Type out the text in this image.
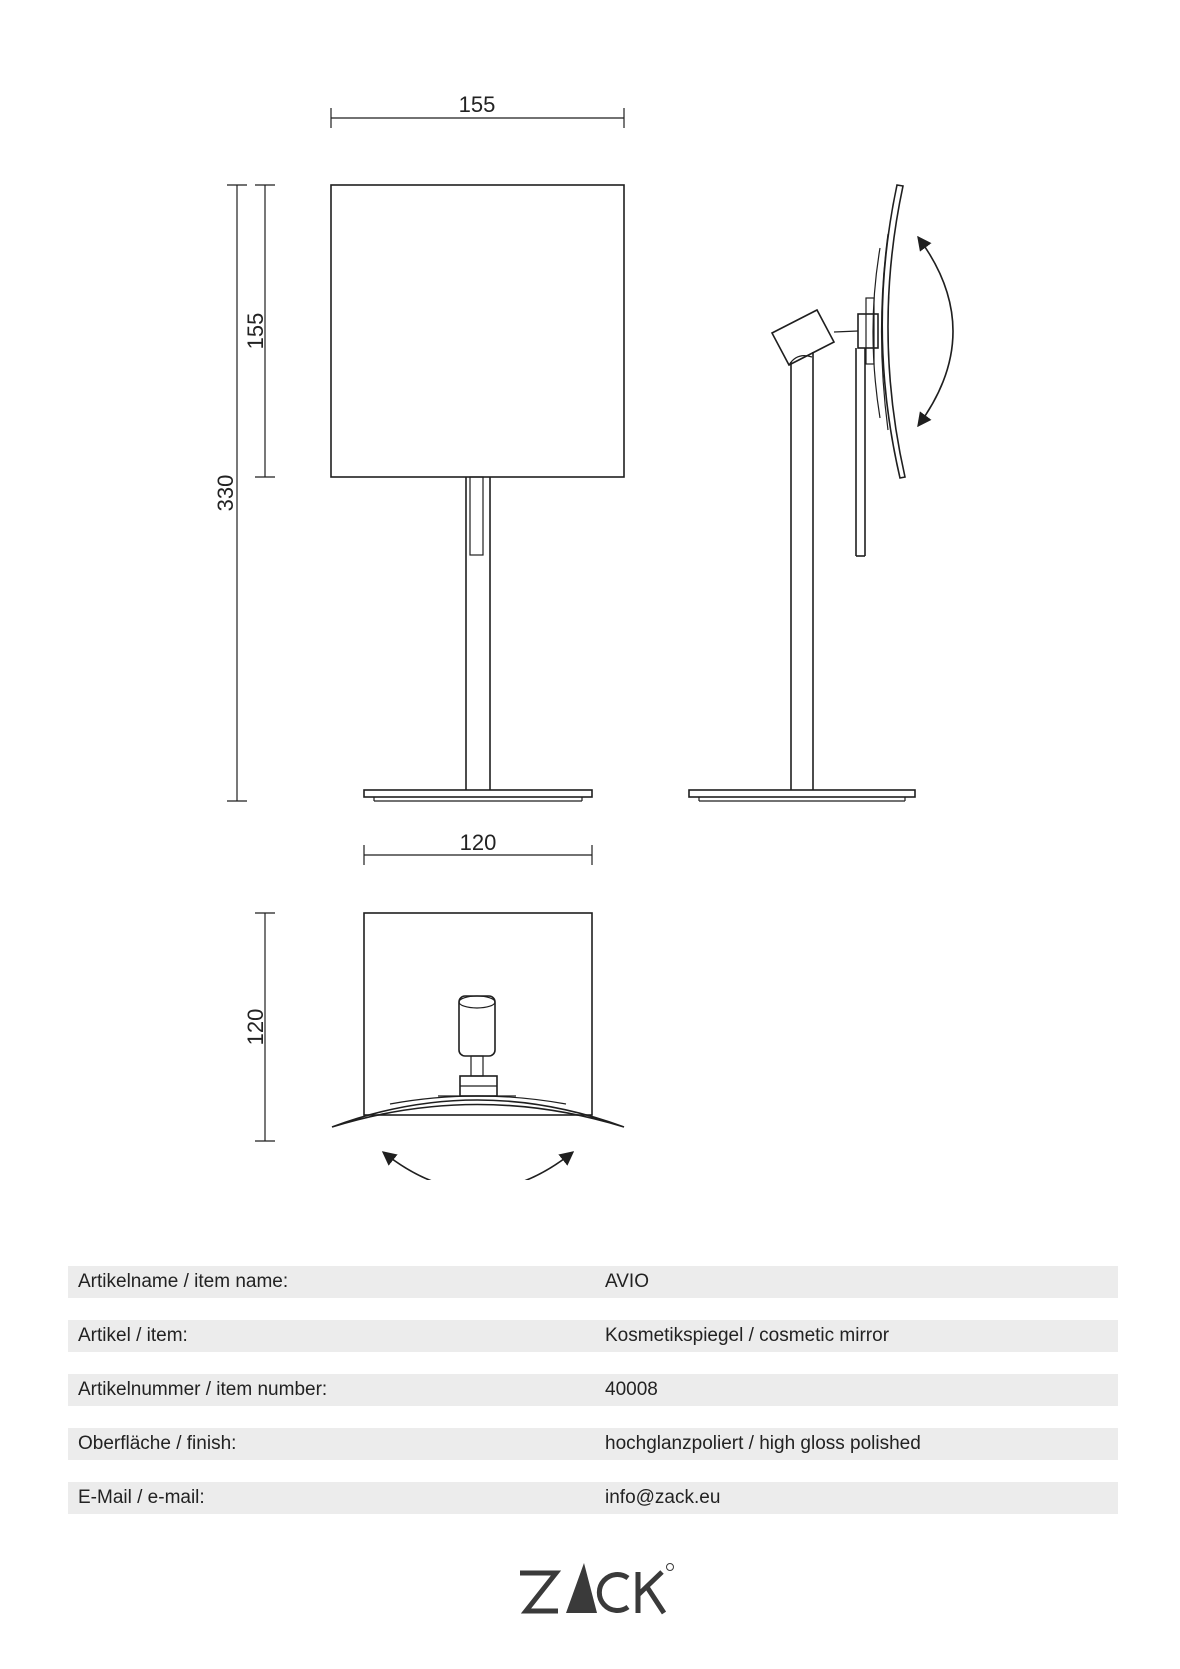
155
155
330
120
120
Artikelname / item name:	AVIO
Artikel / item:	Kosmetikspiegel / cosmetic mirror
Artikelnummer / item number:	40008
Oberfläche / finish:	hochglanzpoliert / high gloss polished
E-Mail / e-mail:	info@zack.eu
